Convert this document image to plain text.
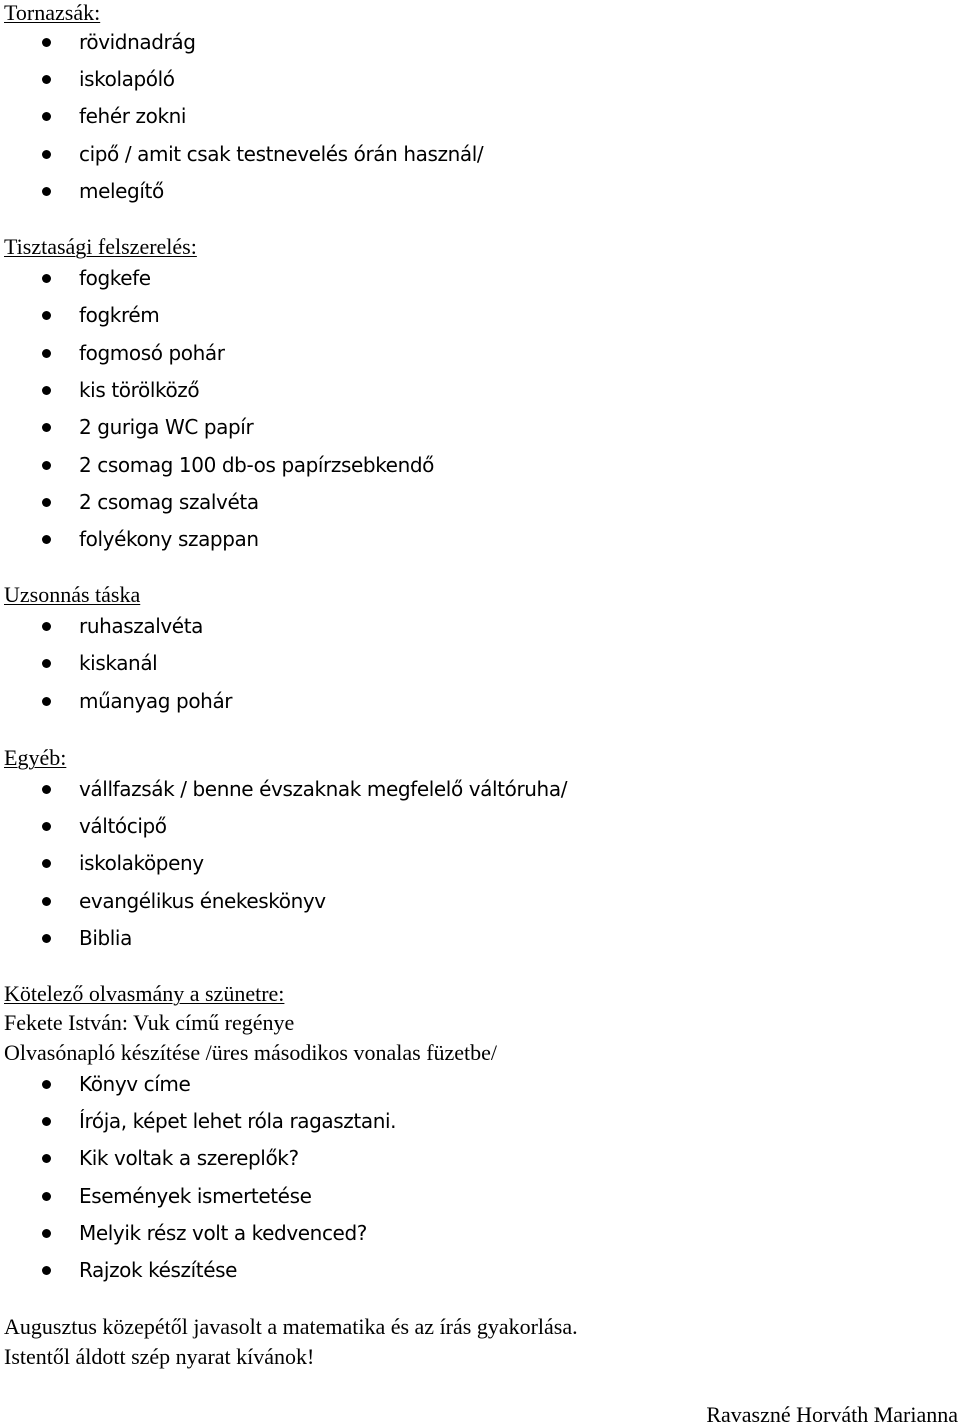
Tornazsák:
rövidnadrág
iskolapóló
fehér zokni
cipő / amit csak testnevelés órán használ/
melegítő
Tisztasági felszerelés:
fogkefe
fogkrém
fogmosó pohár
kis törölköző
2 guriga WC papír
2 csomag 100 db-os papírzsebkendő
2 csomag szalvéta
folyékony szappan
Uzsonnás táska
ruhaszalvéta
kiskanál
műanyag pohár
Egyéb:
vállfazsák / benne évszaknak megfelelő váltóruha/
váltócipő
iskolaköpeny
evangélikus énekeskönyv
Biblia
Kötelező olvasmány a szünetre:
Fekete István: Vuk című regénye
Olvasónapló készítése /üres másodikos vonalas füzetbe/
Könyv címe
Írója, képet lehet róla ragasztani.
Kik voltak a szereplők?
Események ismertetése
Melyik rész volt a kedvenced?
Rajzok készítése
Augusztus közepétől javasolt a matematika és az írás gyakorlása.
Istentől áldott szép nyarat kívánok!
Ravaszné Horváth Marianna
